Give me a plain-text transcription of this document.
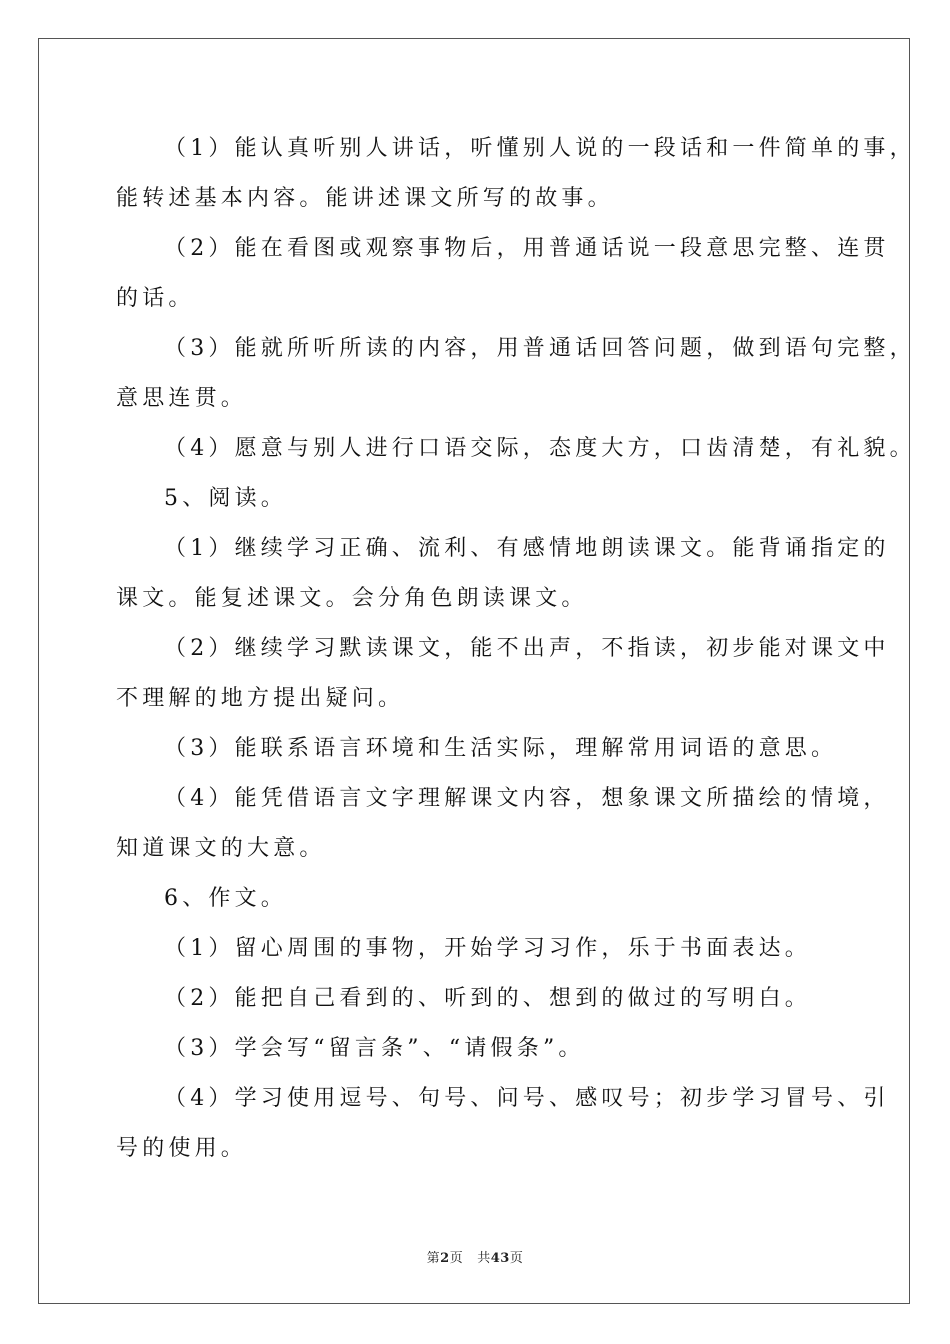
（1）能认真听别人讲话，听懂别人说的一段话和一件简单的事，
能转述基本内容。能讲述课文所写的故事。
（2）能在看图或观察事物后，用普通话说一段意思完整、连贯
的话。
（3）能就所听所读的内容，用普通话回答问题，做到语句完整，
意思连贯。
（4）愿意与别人进行口语交际，态度大方，口齿清楚，有礼貌。
5、阅读。
（1）继续学习正确、流利、有感情地朗读课文。能背诵指定的
课文。能复述课文。会分角色朗读课文。
（2）继续学习默读课文，能不出声，不指读，初步能对课文中
不理解的地方提出疑问。
（3）能联系语言环境和生活实际，理解常用词语的意思。
（4）能凭借语言文字理解课文内容，想象课文所描绘的情境，
知道课文的大意。
6、作文。
（1）留心周围的事物，开始学习习作，乐于书面表达。
（2）能把自己看到的、听到的、想到的做过的写明白。
（3）学会写“留言条”、“请假条”。
（4）学习使用逗号、句号、问号、感叹号；初步学习冒号、引
号的使用。
第2页 共43页
